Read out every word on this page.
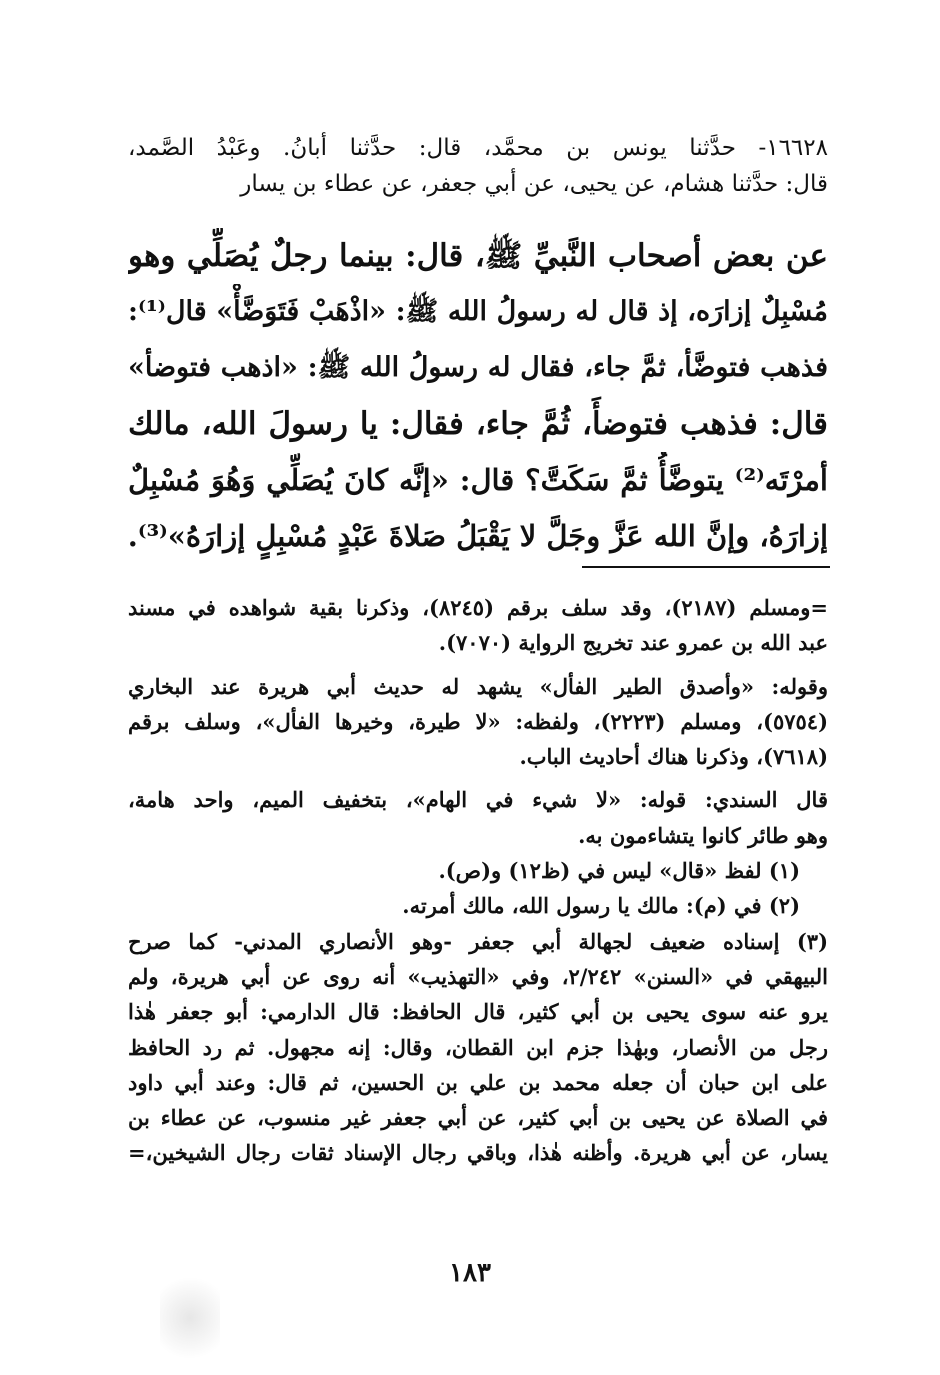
١٦٦٢٨- حدَّثنا يونس بن محمَّد، قال: حدَّثنا أبانُ. وعَبْدُ الصَّمد،
قال: حدَّثنا هشام، عن يحيى، عن أبي جعفر، عن عطاء بن يسار
عن بعض أصحاب النَّبيِّ ﷺ، قال: بينما رجلٌ يُصَلِّي وهو
مُسْبِلٌ إزارَه، إذ قال له رسولُ الله ﷺ: «اذْهَبْ فَتَوَضَّأْ» قال⁽¹⁾:
فذهب فتوضَّأ، ثمَّ جاء، فقال له رسولُ الله ﷺ: «اذهب فتوضأ»
قال: فذهب فتوضأَ، ثُمَّ جاء، فقال: يا رسولَ الله، مالك
أمرْتَه⁽²⁾ يتوضَّأُ ثمَّ سَكَتَّ؟ قال: «إنَّه كانَ يُصَلِّي وَهُوَ مُسْبِلٌ
إزارَهُ، وإنَّ الله عَزَّ وجَلَّ لا يَقْبَلُ صَلاةَ عَبْدٍ مُسْبِلٍ إزارَهُ»⁽³⁾.
=ومسلم (٢١٨٧)، وقد سلف برقم (٨٢٤٥)، وذكرنا بقية شواهده في مسند
عبد الله بن عمرو عند تخريج الرواية (٧٠٧٠).
وقوله: «وأصدق الطير الفأل» يشهد له حديث أبي هريرة عند البخاري
(٥٧٥٤)، ومسلم (٢٢٢٣)، ولفظه: «لا طيرة، وخيرها الفأل»، وسلف برقم
(٧٦١٨)، وذكرنا هناك أحاديث الباب.
قال السندي: قوله: «لا شيء في الهام»، بتخفيف الميم، واحد هامة،
وهو طائر كانوا يتشاءمون به.
(١) لفظ «قال» ليس في (ظ١٢) و(ص).
(٢) في (م): مالك يا رسول الله، مالك أمرته.
(٣) إسناده ضعيف لجهالة أبي جعفر -وهو الأنصاري المدني- كما صرح
البيهقي في «السنن» ٢/٢٤٢، وفي «التهذيب» أنه روى عن أبي هريرة، ولم
يرو عنه سوى يحيى بن أبي كثير، قال الحافظ: قال الدارمي: أبو جعفر هٰذا
رجل من الأنصار، وبهٰذا جزم ابن القطان، وقال: إنه مجهول. ثم رد الحافظ
على ابن حبان أن جعله محمد بن علي بن الحسين، ثم قال: وعند أبي داود
في الصلاة عن يحيى بن أبي كثير، عن أبي جعفر غير منسوب، عن عطاء بن
يسار، عن أبي هريرة. وأظنه هٰذا، وباقي رجال الإسناد ثقات رجال الشيخين،=
١٨٣
